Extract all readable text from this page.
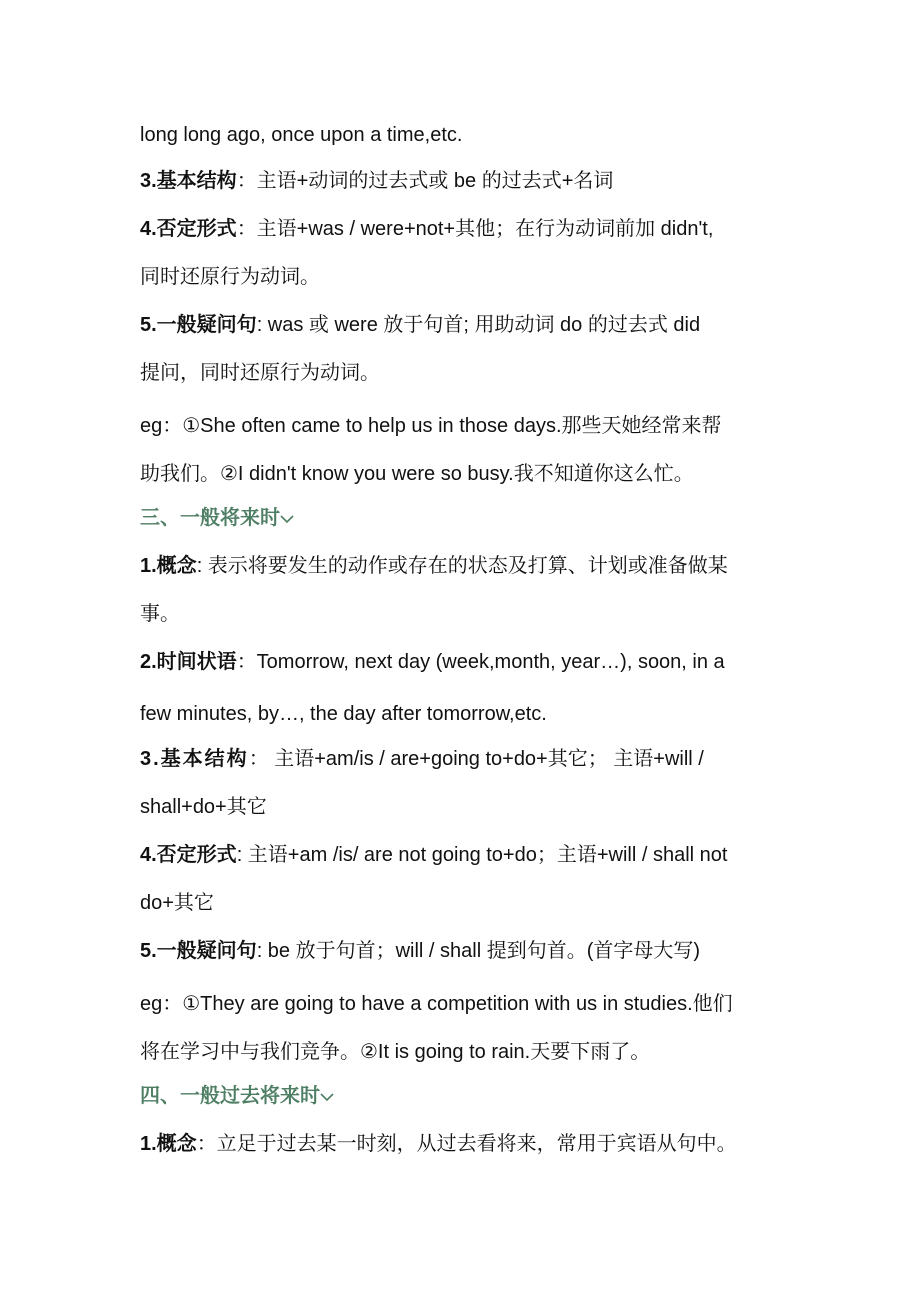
long long ago, once upon a time,etc.
3.基本结构：主语+动词的过去式或 be 的过去式+名词
4.否定形式：主语+was / were+not+其他；在行为动词前加 didn't,
同时还原行为动词。
5.一般疑问句: was 或 were 放于句首; 用助动词 do 的过去式 did
提问，同时还原行为动词。
eg：①She often came to help us in those days.那些天她经常来帮
助我们。②I didn't know you were so busy.我不知道你这么忙。
三、一般将来时
1.概念: 表示将要发生的动作或存在的状态及打算、计划或准备做某
事。
2.时间状语：Tomorrow, next day (week,month, year…), soon, in a
few minutes, by…, the day after tomorrow,etc.
3.基本结构： 主语+am/is / are+going to+do+其它； 主语+will /
shall+do+其它
4.否定形式: 主语+am /is/ are not going to+do；主语+will / shall not
do+其它
5.一般疑问句: be 放于句首；will / shall 提到句首。(首字母大写)
eg：①They are going to have a competition with us in studies.他们
将在学习中与我们竞争。②It is going to rain.天要下雨了。
四、一般过去将来时
1.概念：立足于过去某一时刻，从过去看将来，常用于宾语从句中。
